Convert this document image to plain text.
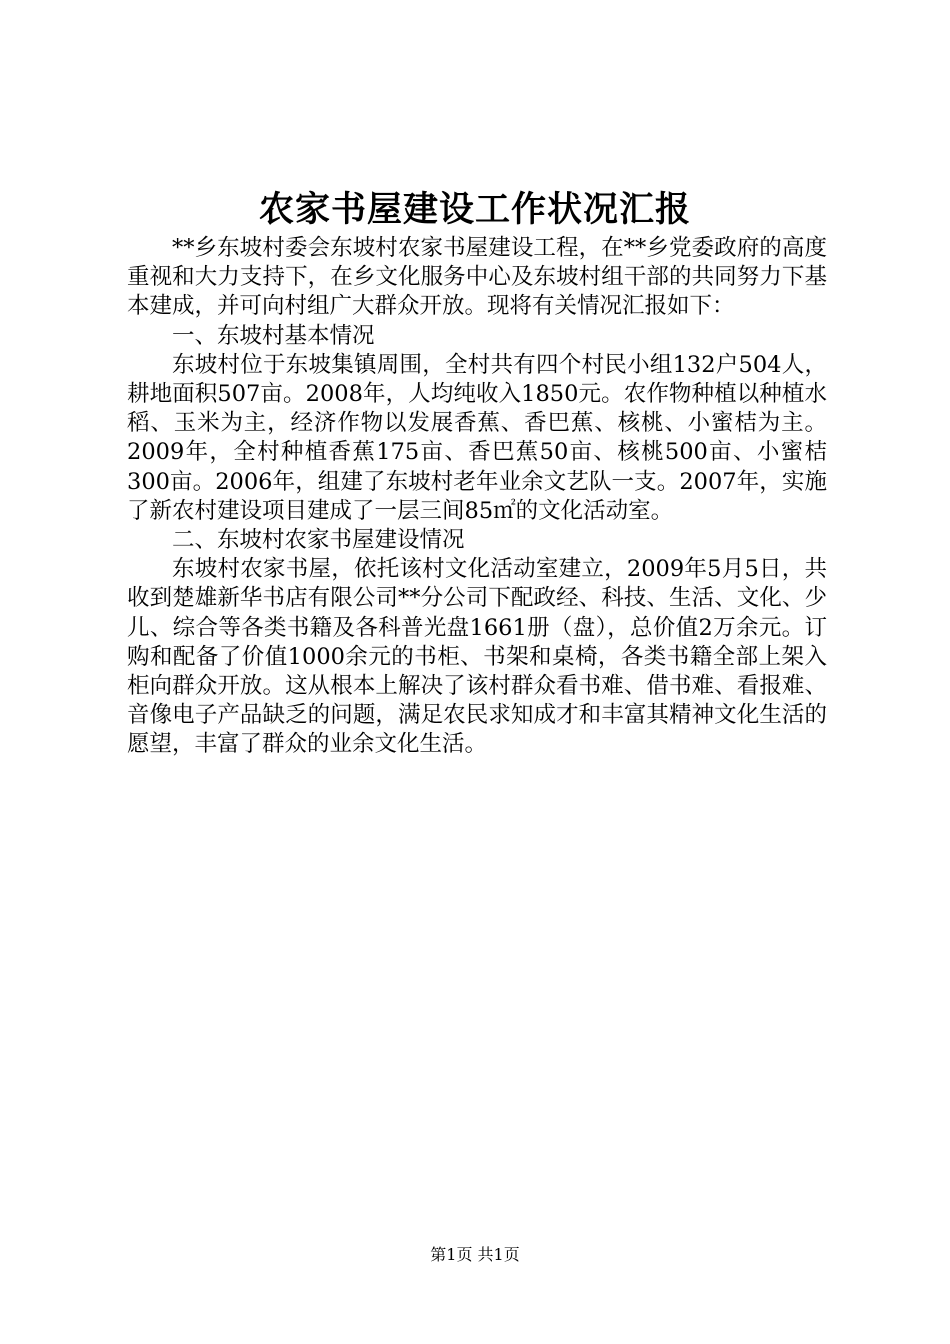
农家书屋建设工作状况汇报

**乡东坡村委会东坡村农家书屋建设工程，在**乡党委政府的高度重视和大力支持下，在乡文化服务中心及东坡村组干部的共同努力下基本建成，并可向村组广大群众开放。现将有关情况汇报如下：

一、东坡村基本情况

东坡村位于东坡集镇周围，全村共有四个村民小组132户504人，耕地面积507亩。2008年，人均纯收入1850元。农作物种植以种植水稻、玉米为主，经济作物以发展香蕉、香巴蕉、核桃、小蜜桔为主。2009年，全村种植香蕉175亩、香巴蕉50亩、核桃500亩、小蜜桔300亩。2006年，组建了东坡村老年业余文艺队一支。2007年，实施了新农村建设项目建成了一层三间85㎡的文化活动室。

二、东坡村农家书屋建设情况

东坡村农家书屋，依托该村文化活动室建立，2009年5月5日，共收到楚雄新华书店有限公司**分公司下配政经、科技、生活、文化、少儿、综合等各类书籍及各科普光盘1661册（盘），总价值2万余元。订购和配备了价值1000余元的书柜、书架和桌椅，各类书籍全部上架入柜向群众开放。这从根本上解决了该村群众看书难、借书难、看报难、音像电子产品缺乏的问题，满足农民求知成才和丰富其精神文化生活的愿望，丰富了群众的业余文化生活。

第1页 共1页
